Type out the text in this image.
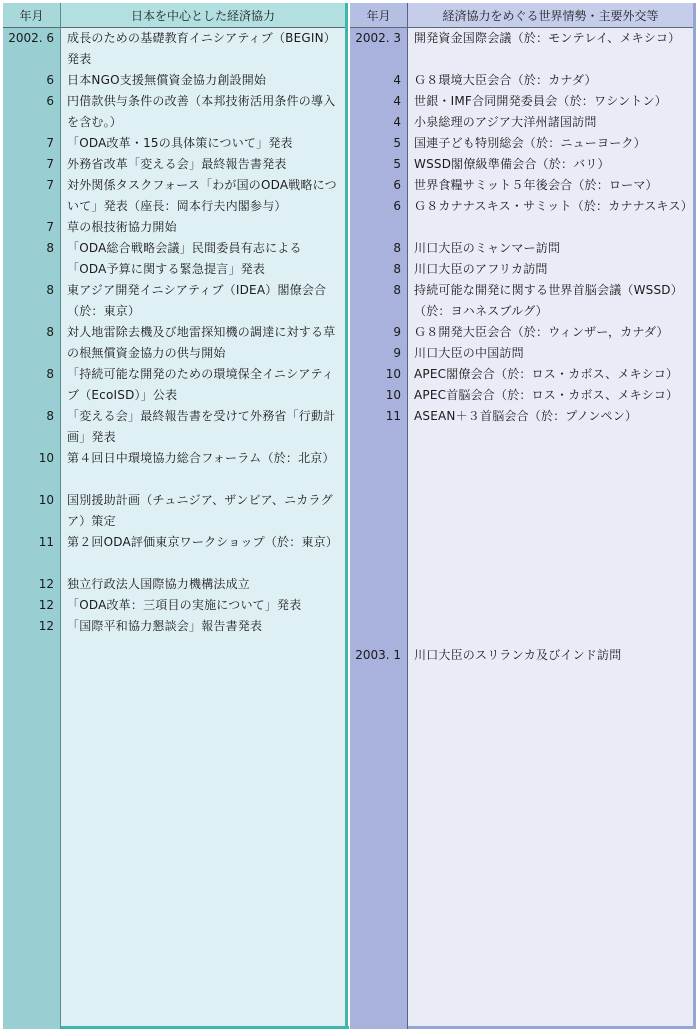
年月
2002. 6
6
6
7
7
7
7
8
8
8
8
8
10
10
11
12
12
12
日本を中心とした経済協力
成長のための基礎教育イニシアティブ（BEGIN）発表
日本NGO支援無償資金協力創設開始
円借款供与条件の改善（本邦技術活用条件の導入を含む。）
「ODA改革・15の具体策について」発表
外務省改革「変える会」最終報告書発表
対外関係タスクフォース「わが国のODA戦略について」発表（座長：岡本行夫内閣参与）
草の根技術協力開始
「ODA総合戦略会議」民間委員有志による「ODA予算に関する緊急提言」発表
東アジア開発イニシアティブ（IDEA）閣僚会合（於：東京）
対人地雷除去機及び地雷探知機の調達に対する草の根無償資金協力の供与開始
「持続可能な開発のための環境保全イニシアティブ（EcoISD）」公表
「変える会」最終報告書を受けて外務省「行動計画」発表
第４回日中環境協力総合フォーラム（於：北京）
国別援助計画（チュニジア、ザンビア、ニカラグア）策定
第２回ODA評価東京ワークショップ（於：東京）
独立行政法人国際協力機構法成立
「ODA改革：三項目の実施について」発表
「国際平和協力懇談会」報告書発表
年月
2002. 3
4
4
4
5
5
6
6
8
8
8
9
9
10
10
11
2003. 1
経済協力をめぐる世界情勢・主要外交等
開発資金国際会議（於：モンテレイ、メキシコ）
Ｇ８環境大臣会合（於：カナダ）
世銀・IMF合同開発委員会（於：ワシントン）
小泉総理のアジア大洋州諸国訪問
国連子ども特別総会（於：ニューヨーク）
WSSD閣僚級準備会合（於：バリ）
世界食糧サミット５年後会合（於：ローマ）
Ｇ８カナナスキス・サミット（於：カナナスキス）
川口大臣のミャンマー訪問
川口大臣のアフリカ訪問
持続可能な開発に関する世界首脳会議（WSSD）（於：ヨハネスブルグ）
Ｇ８開発大臣会合（於：ウィンザー，カナダ）
川口大臣の中国訪問
APEC閣僚会合（於：ロス・カボス、メキシコ）
APEC首脳会合（於：ロス・カボス、メキシコ）
ASEAN＋３首脳会合（於：プノンペン）
川口大臣のスリランカ及びインド訪問
